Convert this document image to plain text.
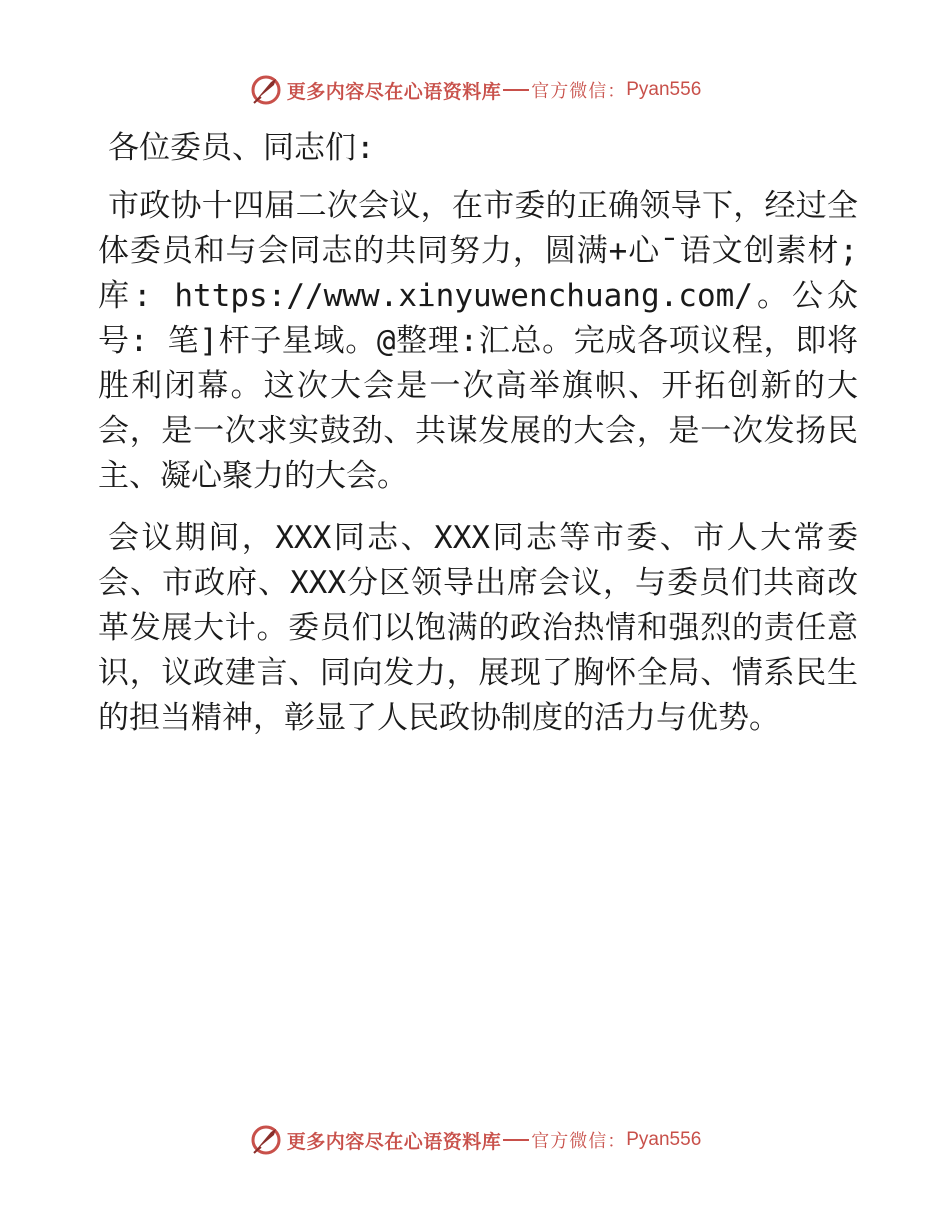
更多内容尽在心语资料库 官方微信： Pyan556

各位委员、同志们:

市政协十四届二次会议，在市委的正确领导下，经过全体委员和与会同志的共同努力，圆满+心¯语文创素材;库: https://www.xinyuwenchuang.com/。公众号: 笔]杆子星域。@整理:汇总。完成各项议程，即将胜利闭幕。这次大会是一次高举旗帜、开拓创新的大会，是一次求实鼓劲、共谋发展的大会，是一次发扬民主、凝心聚力的大会。

会议期间，XXX同志、XXX同志等市委、市人大常委会、市政府、XXX分区领导出席会议，与委员们共商改革发展大计。委员们以饱满的政治热情和强烈的责任意识，议政建言、同向发力，展现了胸怀全局、情系民生的担当精神，彰显了人民政协制度的活力与优势。

更多内容尽在心语资料库 官方微信： Pyan556
